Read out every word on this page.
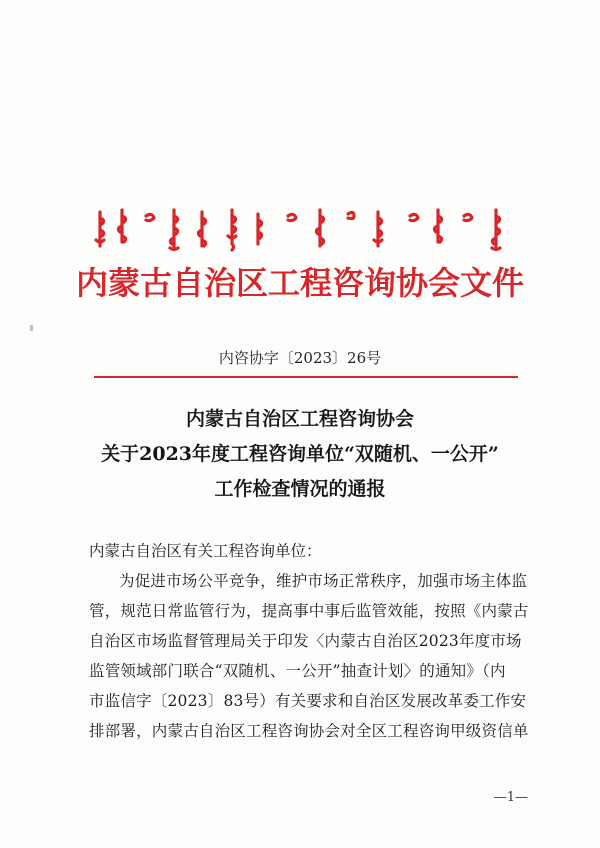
内蒙古自治区工程咨询协会文件
内咨协字〔2023〕26号
内蒙古自治区工程咨询协会
关于2023年度工程咨询单位“双随机、一公开”
工作检查情况的通报
内蒙古自治区有关工程咨询单位：
为促进市场公平竞争，维护市场正常秩序，加强市场主体监
管，规范日常监管行为，提高事中事后监管效能，按照《内蒙古
自治区市场监督管理局关于印发〈内蒙古自治区2023年度市场
监管领域部门联合“双随机、一公开”抽查计划〉的通知》（内
市监信字〔2023〕83号）有关要求和自治区发展改革委工作安
排部署，内蒙古自治区工程咨询协会对全区工程咨询甲级资信单
—1—
